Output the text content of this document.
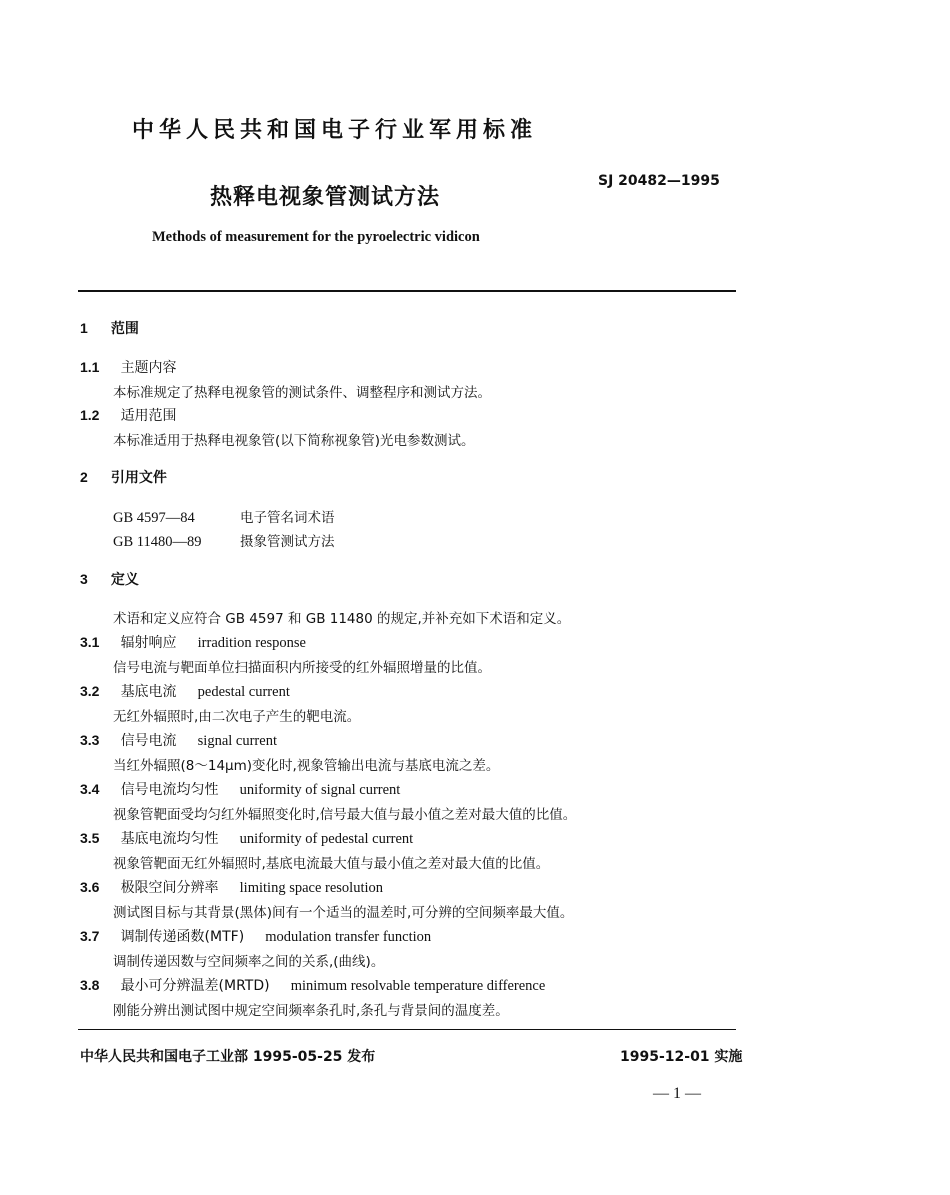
中华人民共和国电子行业军用标准
SJ 20482—1995
热释电视象管测试方法
Methods of measurement for the pyroelectric vidicon
1 范围
1.1 主题内容
本标准规定了热释电视象管的测试条件、调整程序和测试方法。
1.2 适用范围
本标准适用于热释电视象管(以下简称视象管)光电参数测试。
2 引用文件
GB 4597—84	电子管名词术语
GB 11480—89	摄象管测试方法
3 定义
术语和定义应符合 GB 4597 和 GB 11480 的规定,并补充如下术语和定义。
3.1 辐射响应 irradition response
信号电流与靶面单位扫描面积内所接受的红外辐照增量的比值。
3.2 基底电流 pedestal current
无红外辐照时,由二次电子产生的靶电流。
3.3 信号电流 signal current
当红外辐照(8～14μm)变化时,视象管输出电流与基底电流之差。
3.4 信号电流均匀性 uniformity of signal current
视象管靶面受均匀红外辐照变化时,信号最大值与最小值之差对最大值的比值。
3.5 基底电流均匀性 uniformity of pedestal current
视象管靶面无红外辐照时,基底电流最大值与最小值之差对最大值的比值。
3.6 极限空间分辨率 limiting space resolution
测试图目标与其背景(黑体)间有一个适当的温差时,可分辨的空间频率最大值。
3.7 调制传递函数(MTF) modulation transfer function
调制传递因数与空间频率之间的关系,(曲线)。
3.8 最小可分辨温差(MRTD) minimum resolvable temperature difference
刚能分辨出测试图中规定空间频率条孔时,条孔与背景间的温度差。
中华人民共和国电子工业部 1995-05-25 发布	1995-12-01 实施
— 1 —
